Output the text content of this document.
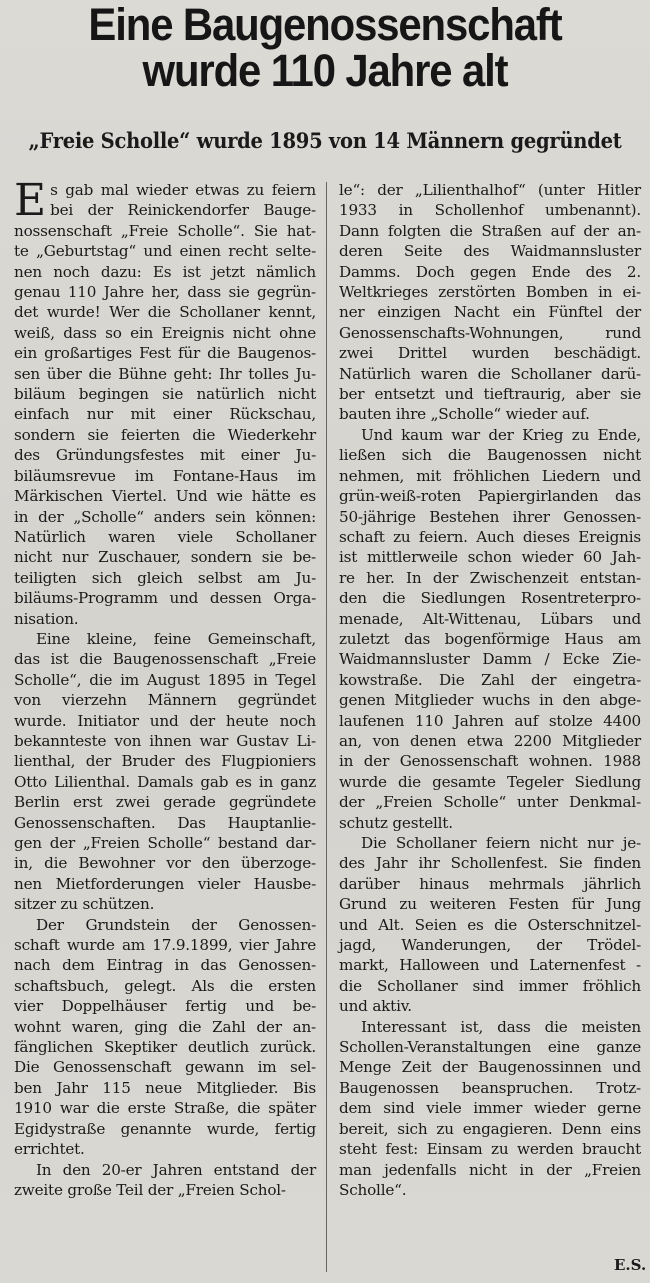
Eine Baugenossenschaft
wurde 110 Jahre alt
„Freie Scholle“ wurde 1895 von 14 Männern gegründet
E s gab mal wieder etwas zu feiern
bei der Reinickendorfer Bauge-
nossenschaft „Freie Scholle“. Sie hat-
te „Geburtstag“ und einen recht selte-
nen noch dazu: Es ist jetzt nämlich
genau 110 Jahre her, dass sie gegrün-
det wurde! Wer die Schollaner kennt,
weiß, dass so ein Ereignis nicht ohne
ein großartiges Fest für die Baugenos-
sen über die Bühne geht: Ihr tolles Ju-
biläum begingen sie natürlich nicht
einfach nur mit einer Rückschau,
sondern sie feierten die Wiederkehr
des Gründungsfestes mit einer Ju-
biläumsrevue im Fontane-Haus im
Märkischen Viertel. Und wie hätte es
in der „Scholle“ anders sein können:
Natürlich waren viele Schollaner
nicht nur Zuschauer, sondern sie be-
teiligten sich gleich selbst am Ju-
biläums-Programm und dessen Orga-
nisation.
Eine kleine, feine Gemeinschaft,
das ist die Baugenossenschaft „Freie
Scholle“, die im August 1895 in Tegel
von vierzehn Männern gegründet
wurde. Initiator und der heute noch
bekannteste von ihnen war Gustav Li-
lienthal, der Bruder des Flugpioniers
Otto Lilienthal. Damals gab es in ganz
Berlin erst zwei gerade gegründete
Genossenschaften. Das Hauptanlie-
gen der „Freien Scholle“ bestand dar-
in, die Bewohner vor den überzoge-
nen Mietforderungen vieler Hausbe-
sitzer zu schützen.
Der Grundstein der Genossen-
schaft wurde am 17.9.1899, vier Jahre
nach dem Eintrag in das Genossen-
schaftsbuch, gelegt. Als die ersten
vier Doppelhäuser fertig und be-
wohnt waren, ging die Zahl der an-
fänglichen Skeptiker deutlich zurück.
Die Genossenschaft gewann im sel-
ben Jahr 115 neue Mitglieder. Bis
1910 war die erste Straße, die später
Egidystraße genannte wurde, fertig
errichtet.
In den 20-er Jahren entstand der
zweite große Teil der „Freien Schol-
le“: der „Lilienthalhof“ (unter Hitler
1933 in Schollenhof umbenannt).
Dann folgten die Straßen auf der an-
deren Seite des Waidmannsluster
Damms. Doch gegen Ende des 2.
Weltkrieges zerstörten Bomben in ei-
ner einzigen Nacht ein Fünftel der
Genossenschafts-Wohnungen, rund
zwei Drittel wurden beschädigt.
Natürlich waren die Schollaner darü-
ber entsetzt und tieftraurig, aber sie
bauten ihre „Scholle“ wieder auf.
Und kaum war der Krieg zu Ende,
ließen sich die Baugenossen nicht
nehmen, mit fröhlichen Liedern und
grün-weiß-roten Papiergirlanden das
50-jährige Bestehen ihrer Genossen-
schaft zu feiern. Auch dieses Ereignis
ist mittlerweile schon wieder 60 Jah-
re her. In der Zwischenzeit entstan-
den die Siedlungen Rosentreterpro-
menade, Alt-Wittenau, Lübars und
zuletzt das bogenförmige Haus am
Waidmannsluster Damm / Ecke Zie-
kowstraße. Die Zahl der eingetra-
genen Mitglieder wuchs in den abge-
laufenen 110 Jahren auf stolze 4400
an, von denen etwa 2200 Mitglieder
in der Genossenschaft wohnen. 1988
wurde die gesamte Tegeler Siedlung
der „Freien Scholle“ unter Denkmal-
schutz gestellt.
Die Schollaner feiern nicht nur je-
des Jahr ihr Schollenfest. Sie finden
darüber hinaus mehrmals jährlich
Grund zu weiteren Festen für Jung
und Alt. Seien es die Osterschnitzel-
jagd, Wanderungen, der Trödel-
markt, Halloween und Laternenfest -
die Schollaner sind immer fröhlich
und aktiv.
Interessant ist, dass die meisten
Schollen-Veranstaltungen eine ganze
Menge Zeit der Baugenossinnen und
Baugenossen beanspruchen. Trotz-
dem sind viele immer wieder gerne
bereit, sich zu engagieren. Denn eins
steht fest: Einsam zu werden braucht
man jedenfalls nicht in der „Freien
Scholle“.
E.S.
